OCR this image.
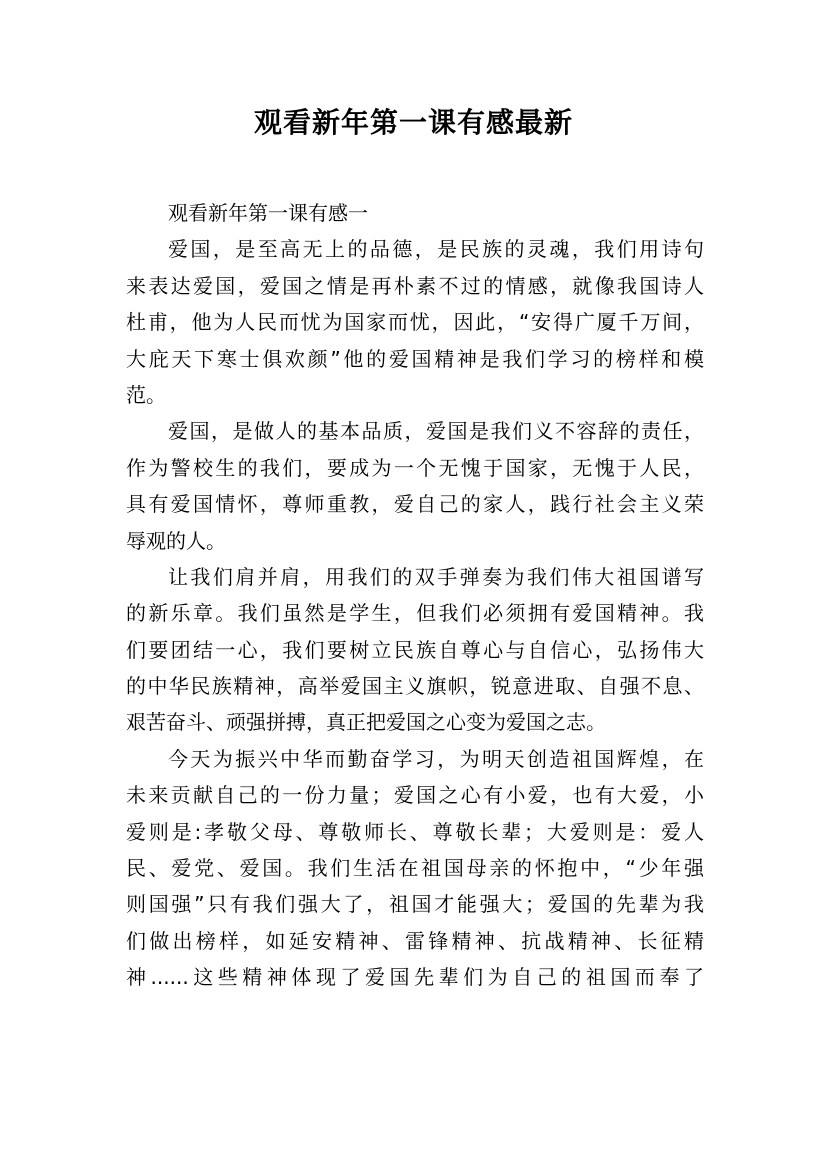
观看新年第一课有感最新
观看新年第一课有感一
爱国，是至高无上的品德，是民族的灵魂，我们用诗句
来表达爱国，爱国之情是再朴素不过的情感，就像我国诗人
杜甫，他为人民而忧为国家而忧，因此，“安得广厦千万间，
大庇天下寒士俱欢颜”他的爱国精神是我们学习的榜样和模
范。
爱国，是做人的基本品质，爱国是我们义不容辞的责任，
作为警校生的我们，要成为一个无愧于国家，无愧于人民，
具有爱国情怀，尊师重教，爱自己的家人，践行社会主义荣
辱观的人。
让我们肩并肩，用我们的双手弹奏为我们伟大祖国谱写
的新乐章。我们虽然是学生，但我们必须拥有爱国精神。我
们要团结一心，我们要树立民族自尊心与自信心，弘扬伟大
的中华民族精神，高举爱国主义旗帜，锐意进取、自强不息、
艰苦奋斗、顽强拼搏，真正把爱国之心变为爱国之志。
今天为振兴中华而勤奋学习，为明天创造祖国辉煌，在
未来贡献自己的一份力量；爱国之心有小爱，也有大爱，小
爱则是:孝敬父母、尊敬师长、尊敬长辈；大爱则是：爱人
民、爱党、爱国。我们生活在祖国母亲的怀抱中，“少年强
则国强”只有我们强大了，祖国才能强大；爱国的先辈为我
们做出榜样，如延安精神、雷锋精神、抗战精神、长征精
神......这些精神体现了爱国先辈们为自己的祖国而奉了
